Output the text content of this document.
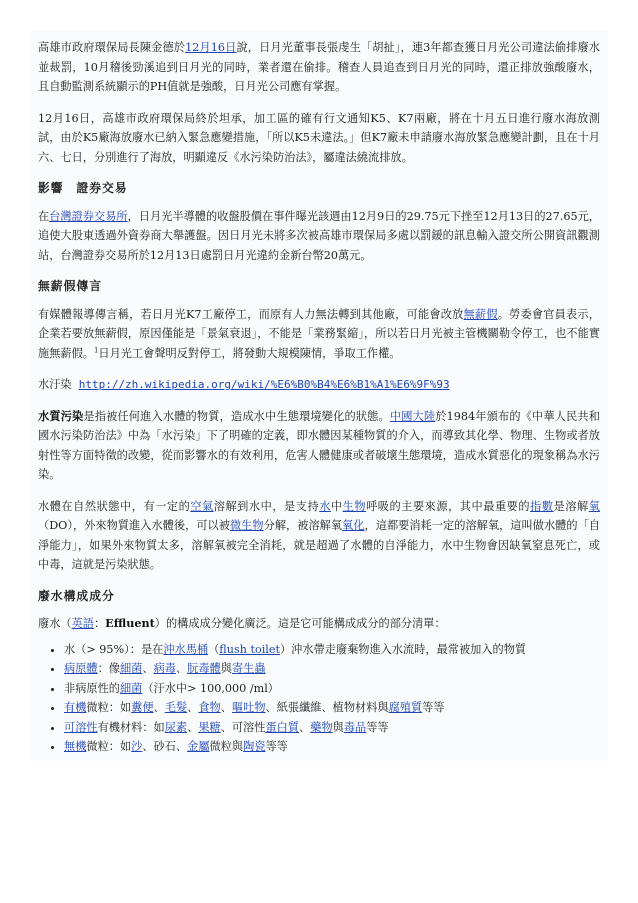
高雄市政府環保局長陳金德於12月16日說，日月光董事長張虔生「胡扯」，連3年都查獲日月光公司違法偷排廢水並裁罰，10月稽後勁溪追到日月光的同時，業者還在偷排。稽查人員追查到日月光的同時，還正排放強酸廢水，且自動監測系統顯示的PH值就是強酸，日月光公司應有掌握。

12月16日，高雄市政府環保局終於坦承，加工區的確有行文通知K5、K7兩廠，將在十月五日進行廢水海放測試，由於K5廠海放廢水已納入緊急應變措施，「所以K5未違法。」但K7廠未申請廢水海放緊急應變計劃，且在十月六、七日，分別進行了海放，明顯違反《水污染防治法》，屬違法繞流排放。

影響　證券交易

在台灣證券交易所，日月光半導體的收盤股價在事件曝光該週由12月9日的29.75元下挫至12月13日的27.65元，追使大股東透過外資券商大舉護盤。因日月光未將多次被高雄市環保局多處以罰鍰的訊息輸入證交所公開資訊觀測站，台灣證券交易所於12月13日處罰日月光違約金新台幣20萬元。

無薪假傳言

有媒體報導傳言稱，若日月光K7工廠停工，而原有人力無法轉到其他廠，可能會改放無薪假。勞委會官員表示，企業若要放無薪假，原因僅能是「景氣衰退」，不能是「業務緊縮」，所以若日月光被主管機關勒令停工，也不能實施無薪假。$^1$日月光工會聲明反對停工，將發動大規模陳情，爭取工作權。

水汙染 http://zh.wikipedia.org/wiki/%E6%B0%B4%E6%B1%A1%E6%9F%93

水質污染是指被任何進入水體的物質，造成水中生態環境變化的狀態。中國大陸於1984年頒布的《中華人民共和國水污染防治法》中為「水污染」下了明確的定義，即水體因某種物質的介入，而導致其化學、物理、生物或者放射性等方面特徵的改變，從而影響水的有效利用，危害人體健康或者破壞生態環境，造成水質惡化的現象稱為水污染。

水體在自然狀態中，有一定的空氣溶解到水中，是支持水中生物呼吸的主要來源，其中最重要的指數是溶解氧（DO），外來物質進入水體後，可以被微生物分解，被溶解氧氧化，這都要消耗一定的溶解氧，這叫做水體的「自淨能力」，如果外來物質太多，溶解氧被完全消耗，就是超過了水體的自淨能力，水中生物會因缺氧窒息死亡，或中毒，這就是污染狀態。

廢水構成成分

廢水（英語：Effluent）的構成成分變化廣泛。這是它可能構成成分的部分清單：

• 水（> 95%）：是在沖水馬桶（flush toilet）沖水帶走廢棄物進入水流時，最常被加入的物質
• 病原體：像細菌、病毒、朊毒體與寄生蟲
• 非病原性的細菌（汙水中> 100,000 /ml）
• 有機微粒：如糞便、毛髮、食物、嘔吐物、紙張纖維、植物材料與腐殖質等等
• 可溶性有機材料：如尿素、果糖、可溶性蛋白質、藥物與毒品等等
• 無機微粒：如沙、砂石、金屬微粒與陶瓷等等
